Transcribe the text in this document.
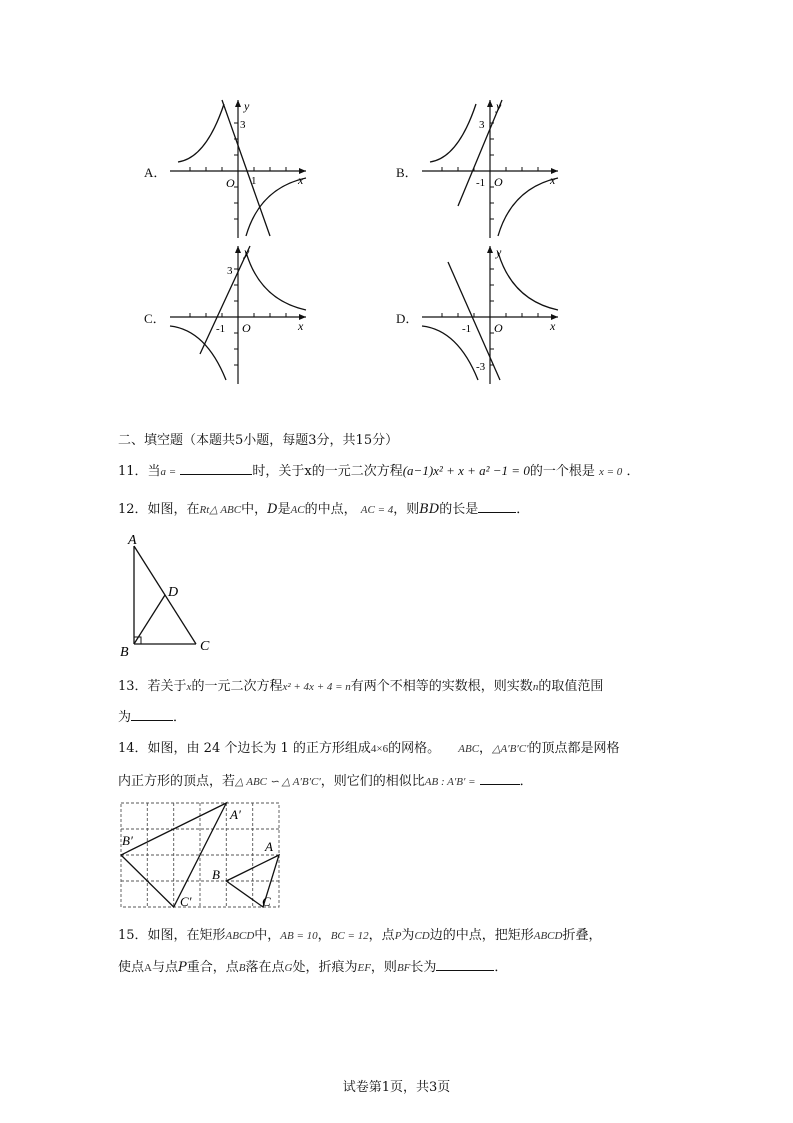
A．
y
x
O
3
1
B．
y
x
-1 O
3
C．
y
x
-1 O
3
D．
y
x
-1 O
-3
二、填空题（本题共5小题，每题3分，共15分）
11．当a =	时，关于x的一元二次方程(a−1)x² + x + a² −1 = 0的一个根是 x = 0 ．
12．如图，在Rt△ ABC中，D是AC的中点， AC = 4，则BD的长是	．
A
D
B	C
13．若关于x的一元二次方程x² + 4x + 4 = n有两个不相等的实数根，则实数n的取值范围
为	．
14．如图，由 24 个边长为 1 的正方形组成4×6的网格。 ABC，△A′B′C′的顶点都是网格
内正方形的顶点，若△ ABC ∽ △ A′B′C′，则它们的相似比AB : A′B′ =	．
A′
B′
C′
A
B
C
15．如图，在矩形ABCD中，AB = 10，BC = 12，点P为CD边的中点，把矩形ABCD折叠，
使点A与点P重合，点B落在点G处，折痕为EF，则BF长为	．
试卷第1页，共3页
